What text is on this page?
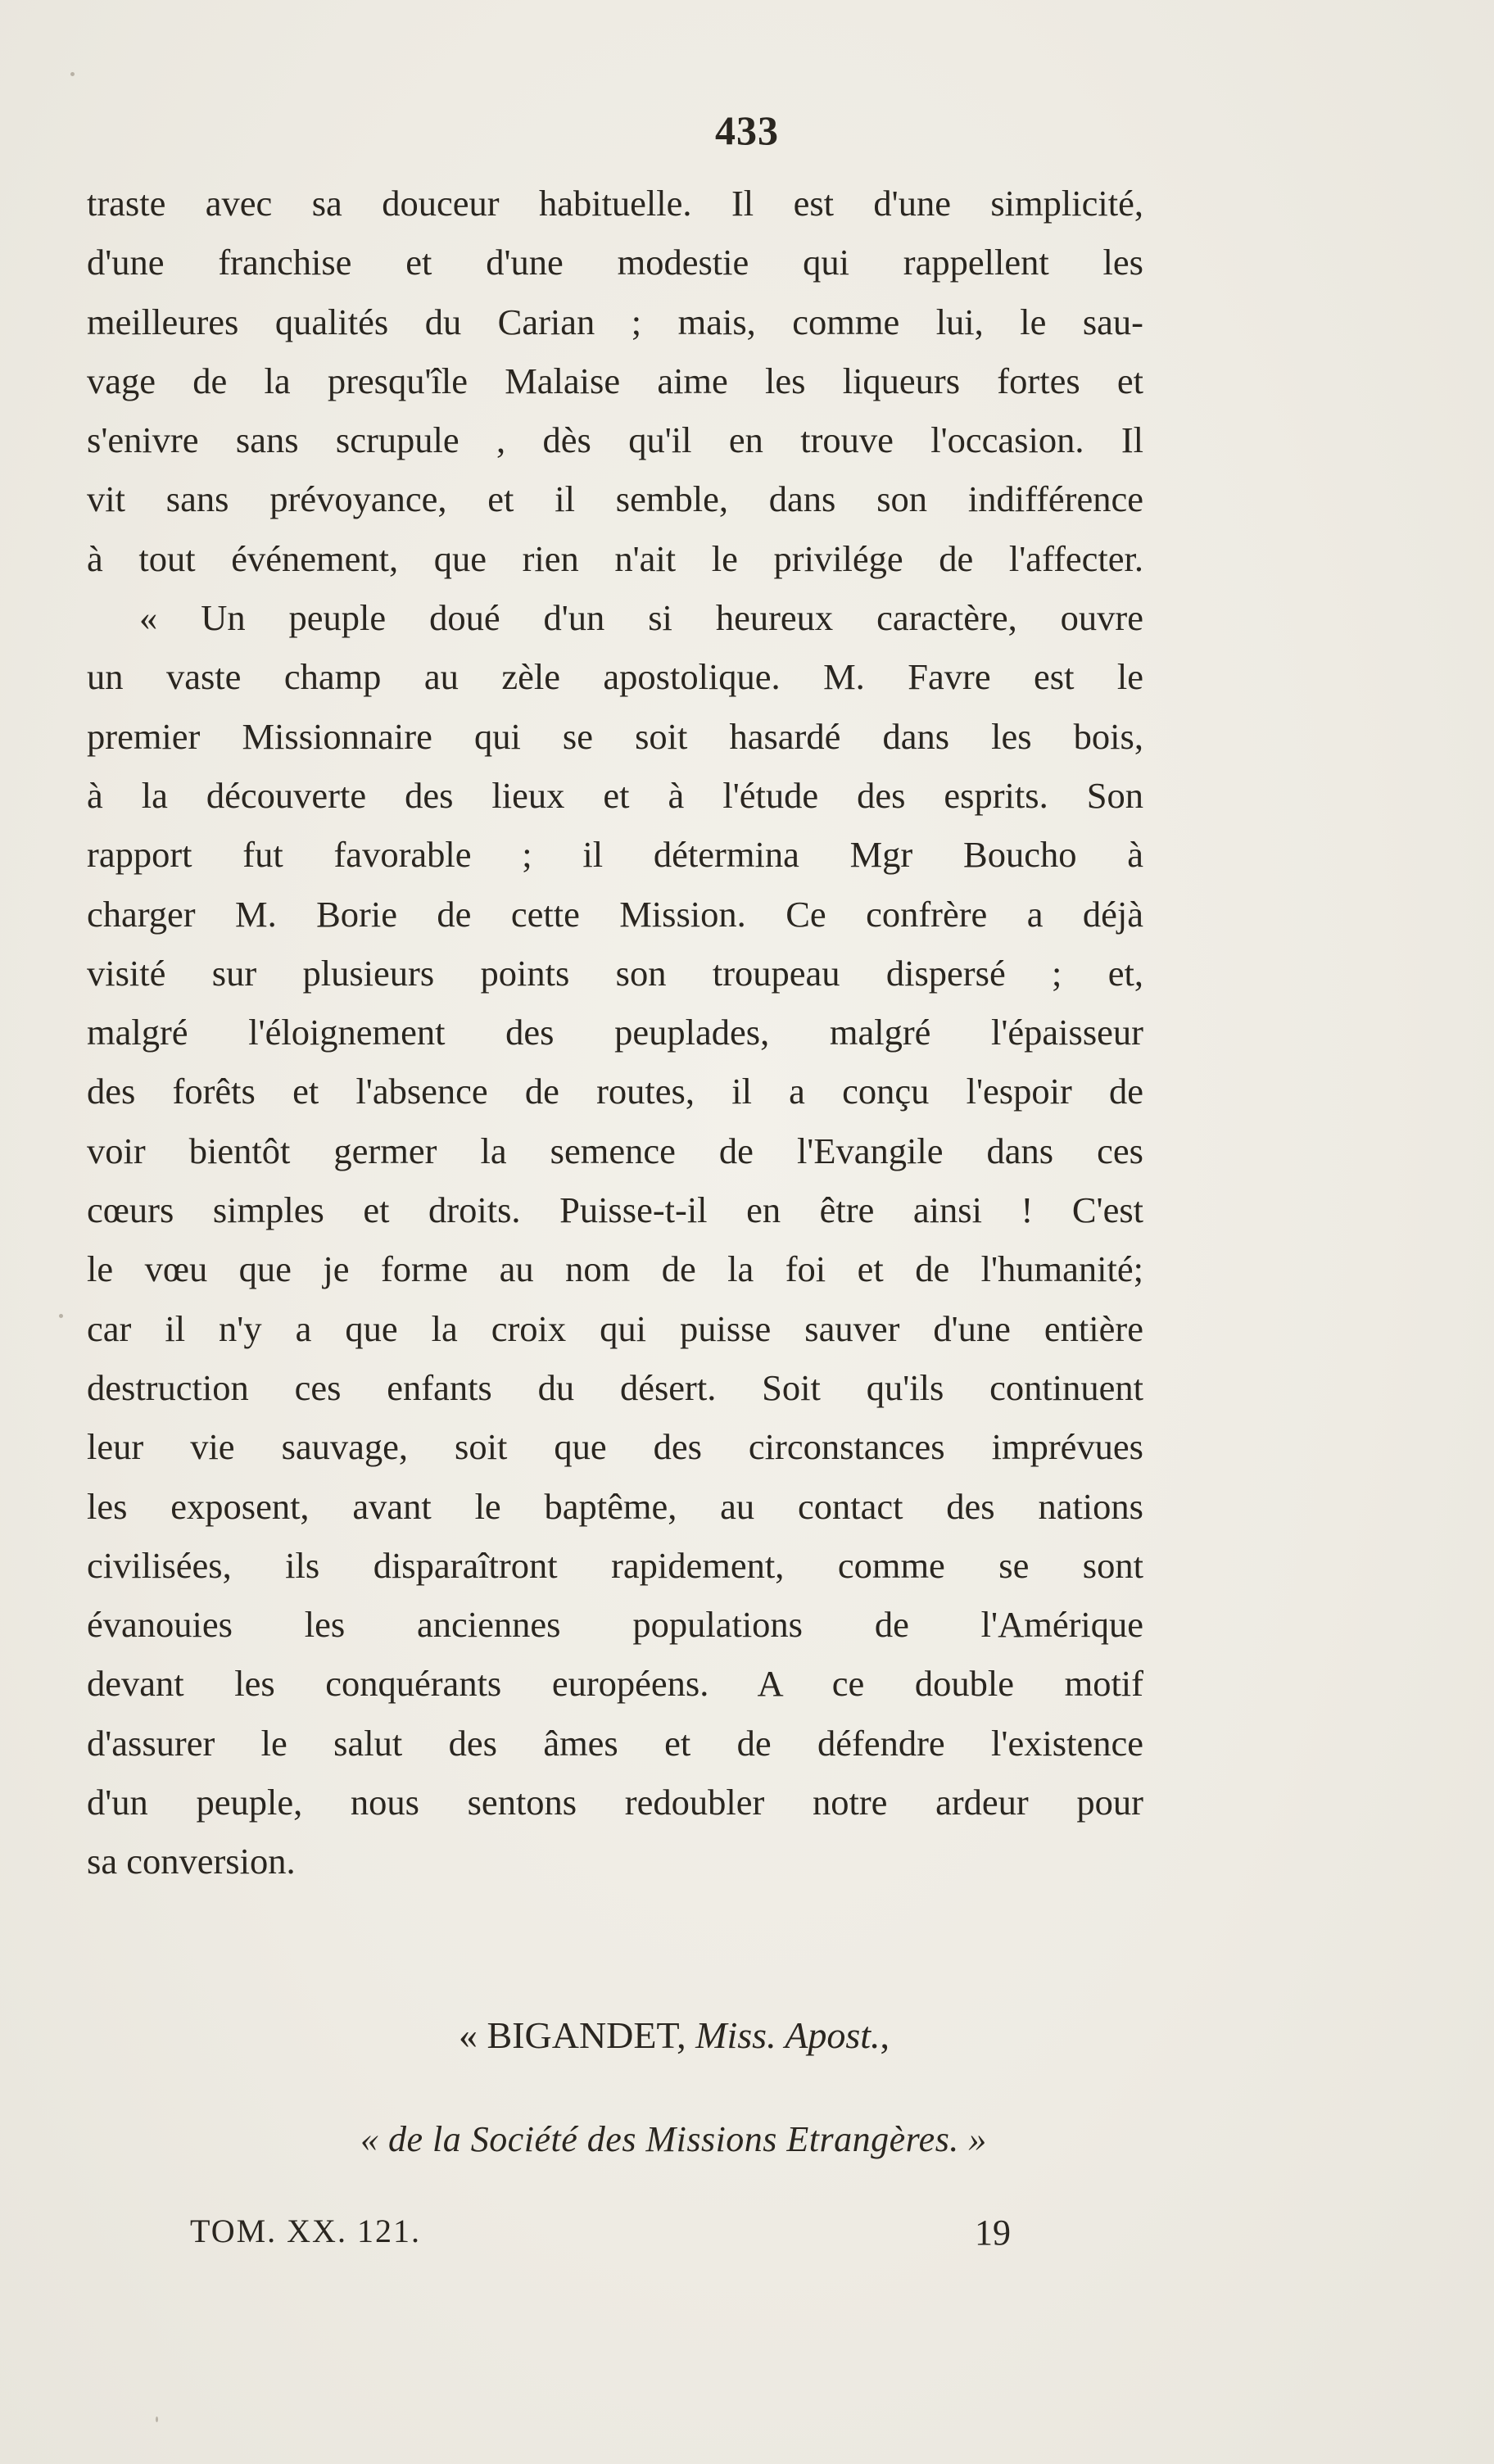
433
traste avec sa douceur habituelle. Il est d'une simplicité,
d'une franchise et d'une modestie qui rappellent les
meilleures qualités du Carian ; mais, comme lui, le sau-
vage de la presqu'île Malaise aime les liqueurs fortes et
s'enivre sans scrupule , dès qu'il en trouve l'occasion. Il
vit sans prévoyance, et il semble, dans son indifférence
à tout événement, que rien n'ait le privilége de l'affecter.
« Un peuple doué d'un si heureux caractère, ouvre
un vaste champ au zèle apostolique. M. Favre est le
premier Missionnaire qui se soit hasardé dans les bois,
à la découverte des lieux et à l'étude des esprits. Son
rapport fut favorable ; il détermina Mgr Boucho à
charger M. Borie de cette Mission. Ce confrère a déjà
visité sur plusieurs points son troupeau dispersé ; et,
malgré l'éloignement des peuplades, malgré l'épaisseur
des forêts et l'absence de routes, il a conçu l'espoir de
voir bientôt germer la semence de l'Evangile dans ces
cœurs simples et droits. Puisse-t-il en être ainsi ! C'est
le vœu que je forme au nom de la foi et de l'humanité;
car il n'y a que la croix qui puisse sauver d'une entière
destruction ces enfants du désert. Soit qu'ils continuent
leur vie sauvage, soit que des circonstances imprévues
les exposent, avant le baptême, au contact des nations
civilisées, ils disparaîtront rapidement, comme se sont
évanouies les anciennes populations de l'Amérique
devant les conquérants européens. A ce double motif
d'assurer le salut des âmes et de défendre l'existence
d'un peuple, nous sentons redoubler notre ardeur pour
sa conversion.
« BIGANDET, Miss. Apost.,
« de la Société des Missions Etrangères. »
TOM. XX. 121.	19
